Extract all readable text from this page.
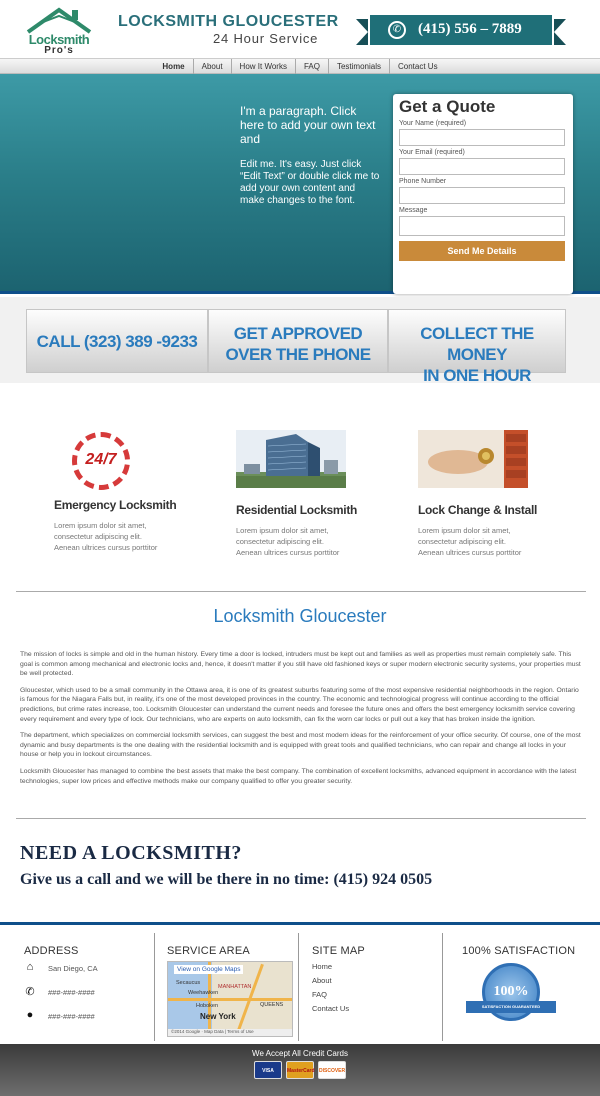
Locksmith
Pro's
LOCKSMITH GLOUCESTER
24 Hour Service
✆	(415) 556 – 7889
Home About How It Works FAQ Testimonials Contact Us
I'm a paragraph. Click here to add your own text and
Edit me. It's easy. Just click “Edit Text” or double click me to add your own content and make changes to the font.
Get a Quote
Your Name (required)
Your Email (required)
Phone Number
Message
Send Me Details
CALL (323) 389 -9233	GET APPROVED
OVER THE PHONE
COLLECT THE MONEY
IN ONE HOUR
24/7
Emergency Locksmith
Lorem ipsum dolor sit amet, consectetur adipiscing elit. Aenean ultrices cursus porttitor
Residential Locksmith
Lorem ipsum dolor sit amet, consectetur adipiscing elit. Aenean ultrices cursus porttitor
Lock Change & Install
Lorem ipsum dolor sit amet, consectetur adipiscing elit. Aenean ultrices cursus porttitor
Locksmith Gloucester

The mission of locks is simple and old in the human history. Every time a door is locked, intruders must be kept out and families as well as properties must remain completely safe. This goal is common among mechanical and electronic locks and, hence, it doesn't matter if you still have old fashioned keys or super modern electronic security systems, your properties must be well protected.

Gloucester, which used to be a small community in the Ottawa area, it is one of its greatest suburbs featuring some of the most expensive residential neighborhoods in the region. Ontario is famous for the Niagara Falls but, in reality, it's one of the most developed provinces in the country. The economic and technological progress will continue according to the official predictions, but crime rates increase, too. Locksmith Gloucester can understand the current needs and foresee the future ones and offers the best emergency locksmith service covering every requirement and every type of lock. Our technicians, who are experts on auto locksmith, can fix the worn car locks or pull out a key that has broken inside the ignition.

The department, which specializes on commercial locksmith services, can suggest the best and most modern ideas for the reinforcement of your office security. Of course, one of the most dynamic and busy departments is the one dealing with the residential locksmith and is equipped with great tools and qualified technicians, who can repair and change all locks in your house or help you in lockout circumstances.

Locksmith Gloucester has managed to combine the best assets that make the best company. The combination of excellent locksmiths, advanced equipment in accordance with the latest technologies, super low prices and effective methods make our company qualified to offer you greater security.

NEED A LOCKSMITH?
Give us a call and we will be there in no time: (415) 924 0505
ADDRESS
⌂	San Diego, CA
✆ ###-###-####
●	###-###-####
SERVICE AREA
View on Google Maps
Secaucus
MANHATTAN
Weehawken
Hoboken	QUEENS
New York
©2014 Google · Map Data | Terms of Use
SITE MAP
Home
About
FAQ
Contact Us
100% SATISFACTION
100%
SATISFACTION GUARANTEED
We Accept All Credit Cards
VISA	MasterCard DISCOVER
